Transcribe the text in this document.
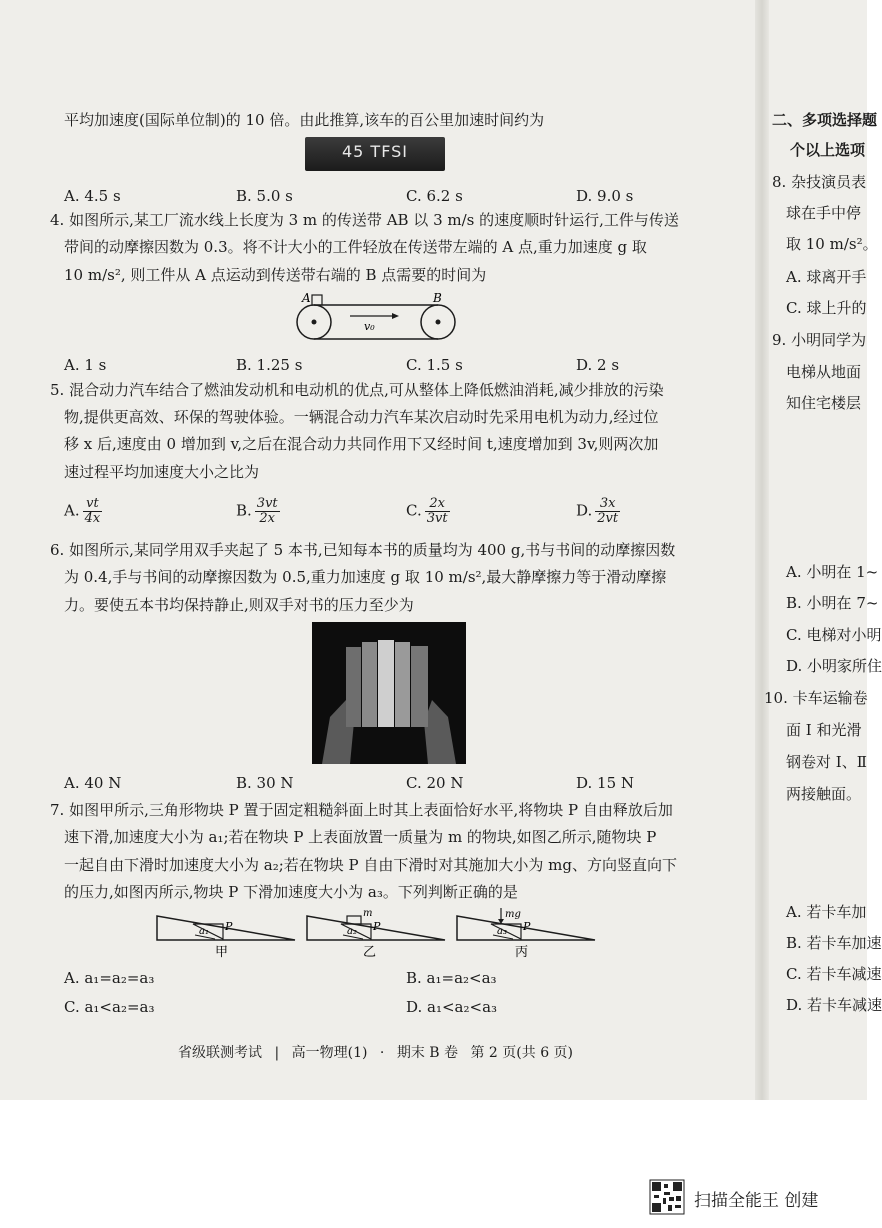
平均加速度(国际单位制)的 10 倍。由此推算,该车的百公里加速时间约为
45 TFSI
A. 4.5 s	B. 5.0 s	C. 6.2 s	D. 9.0 s
4. 如图所示,某工厂流水线上长度为 3 m 的传送带 AB 以 3 m/s 的速度顺时针运行,工件与传送
带间的动摩擦因数为 0.3。将不计大小的工件轻放在传送带左端的 A 点,重力加速度 g 取
10 m/s², 则工件从 A 点运动到传送带右端的 B 点需要的时间为
A	B
v₀
A. 1 s	B. 1.25 s	C. 1.5 s	D. 2 s
5. 混合动力汽车结合了燃油发动机和电动机的优点,可从整体上降低燃油消耗,减少排放的污染
物,提供更高效、环保的驾驶体验。一辆混合动力汽车某次启动时先采用电机为动力,经过位
移 x 后,速度由 0 增加到 v,之后在混合动力共同作用下又经时间 t,速度增加到 3v,则两次加
速过程平均加速度大小之比为
A. $\frac{vt}{4x}$	B. $\frac{3vt}{2x}$	C. $\frac{2x}{3vt}$	D. $\frac{3x}{2vt}$
6. 如图所示,某同学用双手夹起了 5 本书,已知每本书的质量均为 400 g,书与书间的动摩擦因数
为 0.4,手与书间的动摩擦因数为 0.5,重力加速度 g 取 10 m/s²,最大静摩擦力等于滑动摩擦
力。要使五本书均保持静止,则双手对书的压力至少为
A. 40 N	B. 30 N	C. 20 N	D. 15 N
7. 如图甲所示,三角形物块 P 置于固定粗糙斜面上时其上表面恰好水平,将物块 P 自由释放后加
速下滑,加速度大小为 a₁;若在物块 P 上表面放置一质量为 m 的物块,如图乙所示,随物块 P
一起自由下滑时加速度大小为 a₂;若在物块 P 自由下滑时对其施加大小为 mg、方向竖直向下
的压力,如图丙所示,物块 P 下滑加速度大小为 a₃。下列判断正确的是
a₁ P
甲
a₂
m
P
乙
a₃
mg
P
丙
A. a₁=a₂=a₃	B. a₁=a₂<a₃
C. a₁<a₂=a₃	D. a₁<a₂<a₃
省级联测考试 | 高一物理(1) · 期末 B 卷 第 2 页(共 6 页)
二、多项选择题
个以上选项
8. 杂技演员表
球在手中停
取 10 m/s²。
A. 球离开手
C. 球上升的
9. 小明同学为
电梯从地面
知住宅楼层
A. 小明在 1~
B. 小明在 7~
C. 电梯对小明
D. 小明家所住
10. 卡车运输卷
面 Ⅰ 和光滑
钢卷对 Ⅰ、Ⅱ
两接触面。
A. 若卡车加
B. 若卡车加速
C. 若卡车减速
D. 若卡车减速
扫描全能王 创建
